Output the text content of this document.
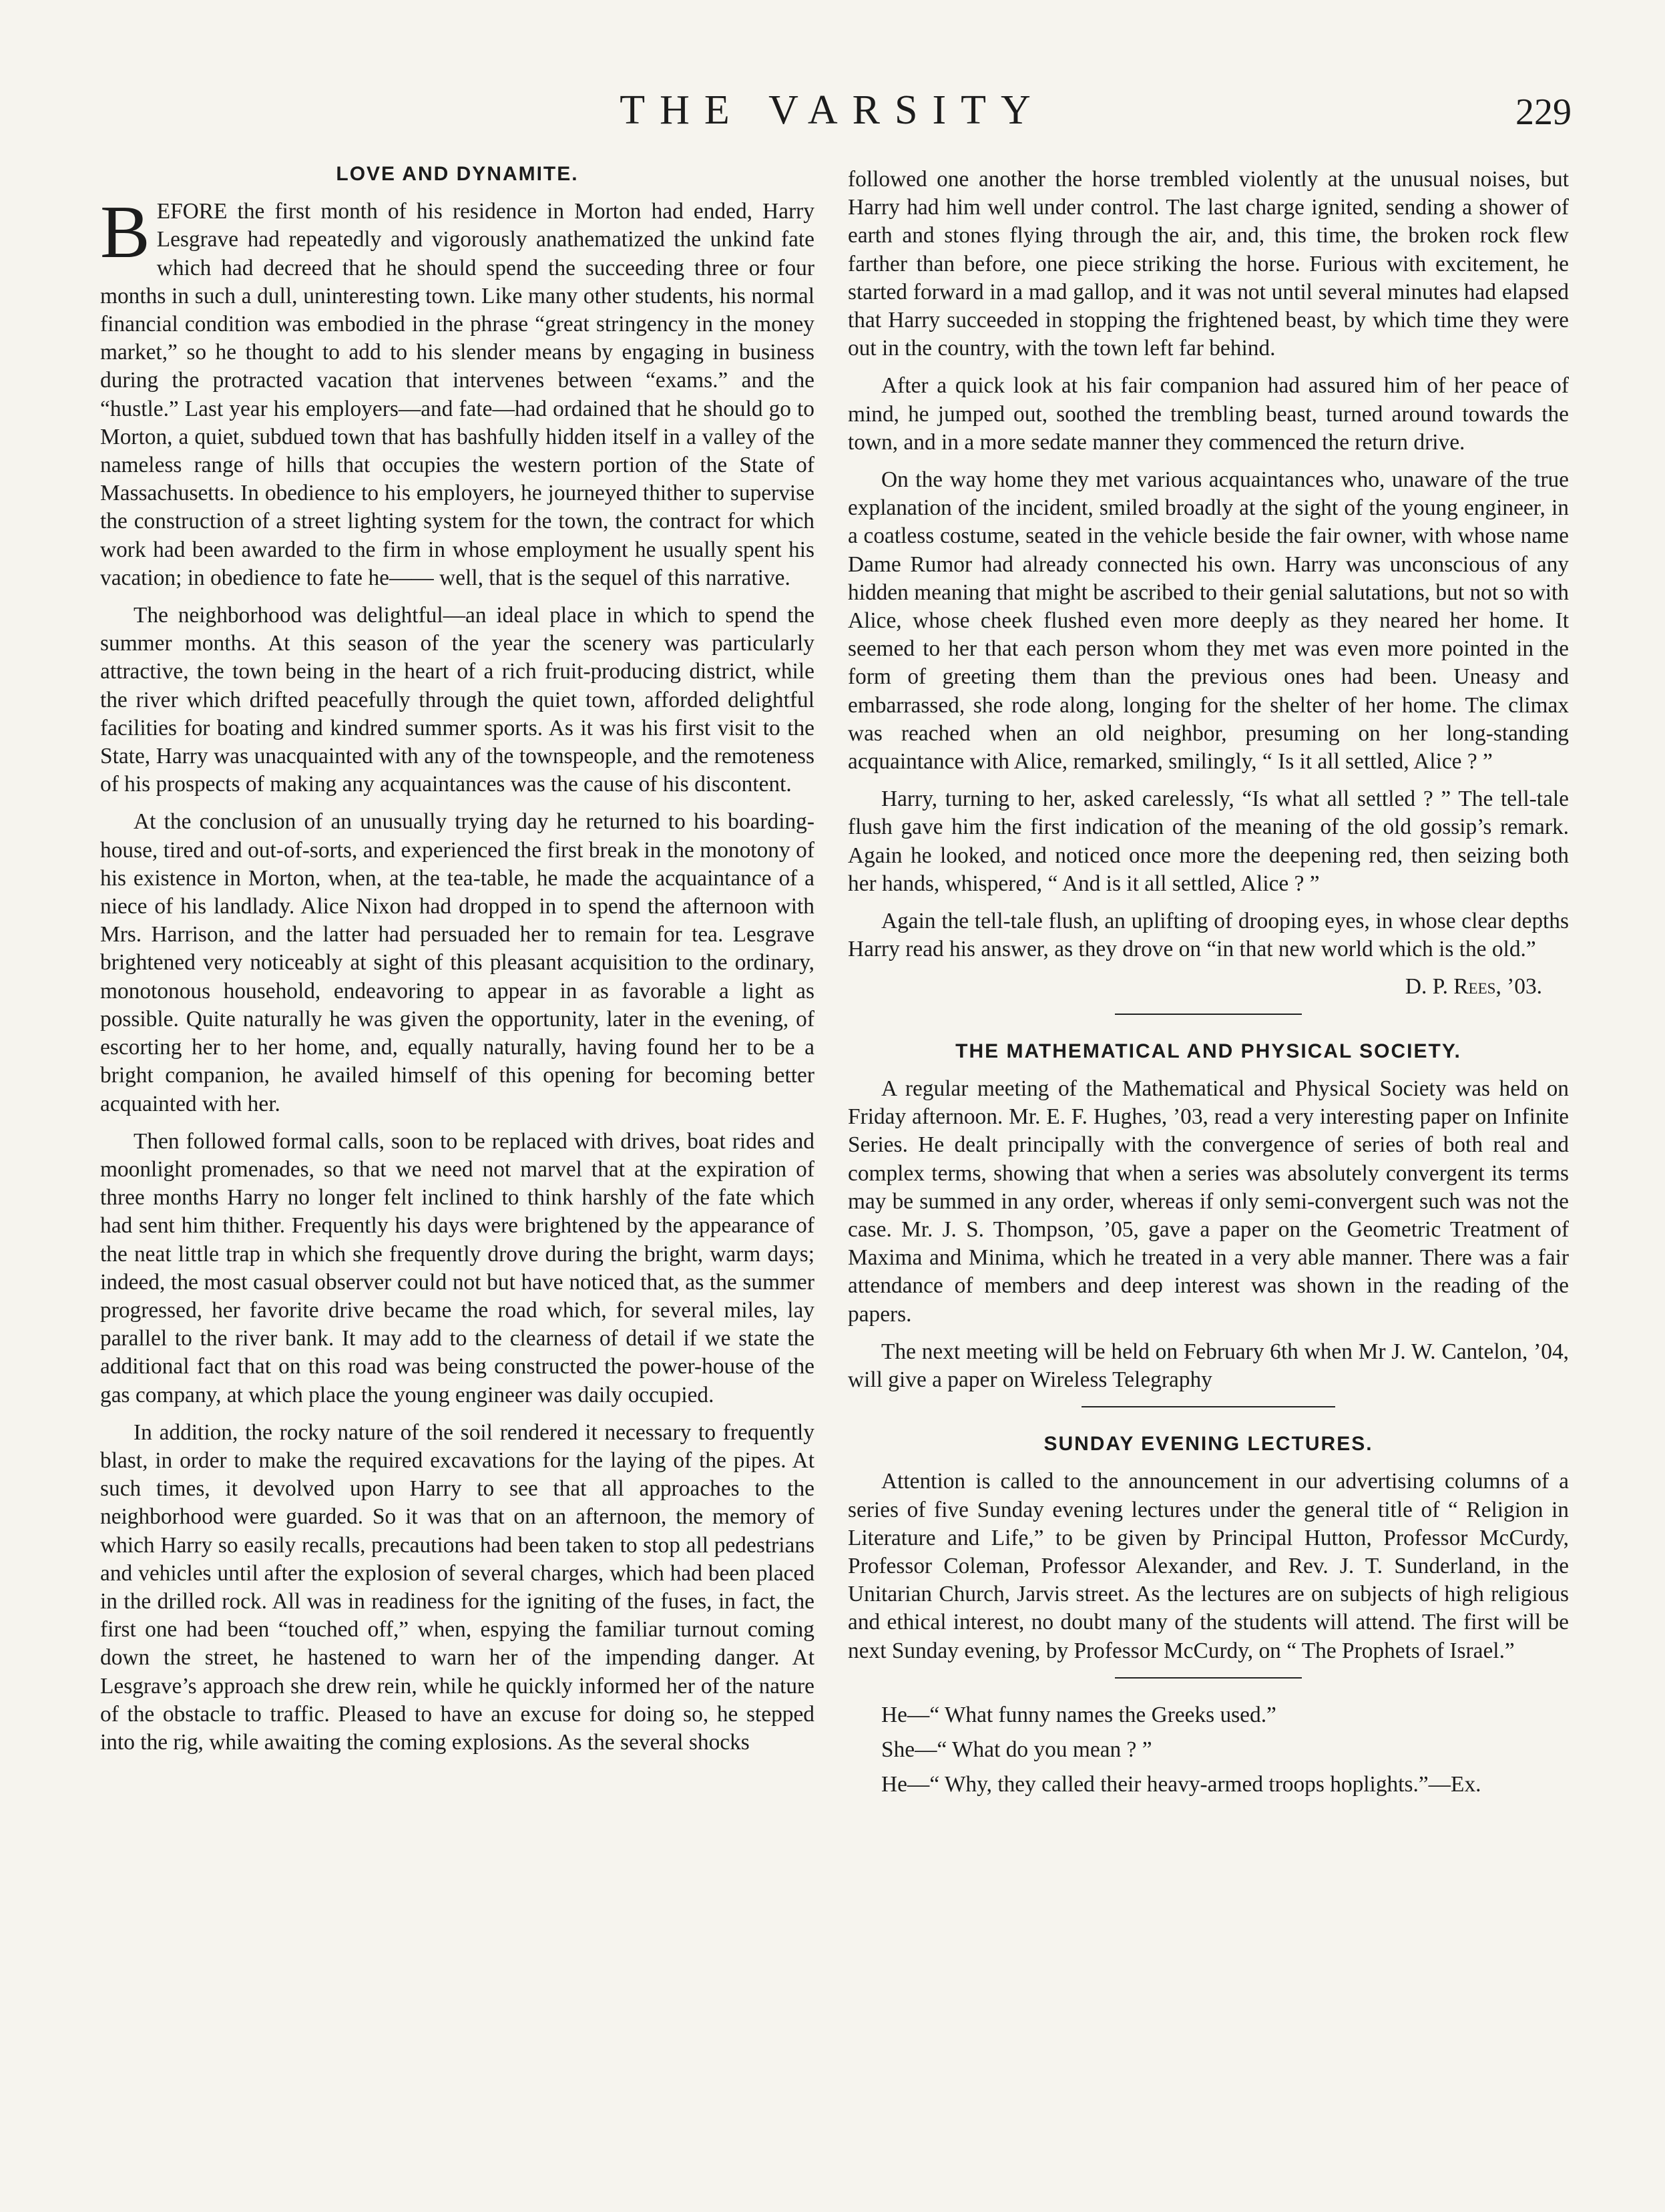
THE VARSITY	229
LOVE AND DYNAMITE.

BEFORE the first month of his residence in Morton had ended, Harry Lesgrave had repeatedly and vigorously anathematized the unkind fate which had decreed that he should spend the succeeding three or four months in such a dull, uninteresting town. Like many other students, his normal financial condition was embodied in the phrase “great stringency in the money market,” so he thought to add to his slender means by engaging in business during the protracted vacation that intervenes between “exams.” and the “hustle.” Last year his employers—and fate—had ordained that he should go to Morton, a quiet, subdued town that has bashfully hidden itself in a valley of the nameless range of hills that occupies the western portion of the State of Massachusetts. In obedience to his employers, he journeyed thither to supervise the construction of a street lighting system for the town, the contract for which work had been awarded to the firm in whose employment he usually spent his vacation; in obedience to fate he—— well, that is the sequel of this narrative.

The neighborhood was delightful—an ideal place in which to spend the summer months. At this season of the year the scenery was particularly attractive, the town being in the heart of a rich fruit-producing district, while the river which drifted peacefully through the quiet town, afforded delightful facilities for boating and kindred summer sports. As it was his first visit to the State, Harry was unacquainted with any of the townspeople, and the remoteness of his prospects of making any acquaintances was the cause of his discontent.

At the conclusion of an unusually trying day he returned to his boarding-house, tired and out-of-sorts, and experienced the first break in the monotony of his existence in Morton, when, at the tea-table, he made the acquaintance of a niece of his landlady. Alice Nixon had dropped in to spend the afternoon with Mrs. Harrison, and the latter had persuaded her to remain for tea. Lesgrave brightened very noticeably at sight of this pleasant acquisition to the ordinary, monotonous household, endeavoring to appear in as favorable a light as possible. Quite naturally he was given the opportunity, later in the evening, of escorting her to her home, and, equally naturally, having found her to be a bright companion, he availed himself of this opening for becoming better acquainted with her.

Then followed formal calls, soon to be replaced with drives, boat rides and moonlight promenades, so that we need not marvel that at the expiration of three months Harry no longer felt inclined to think harshly of the fate which had sent him thither. Frequently his days were brightened by the appearance of the neat little trap in which she frequently drove during the bright, warm days; indeed, the most casual observer could not but have noticed that, as the summer progressed, her favorite drive became the road which, for several miles, lay parallel to the river bank. It may add to the clearness of detail if we state the additional fact that on this road was being constructed the power-house of the gas company, at which place the young engineer was daily occupied.

In addition, the rocky nature of the soil rendered it necessary to frequently blast, in order to make the required excavations for the laying of the pipes. At such times, it devolved upon Harry to see that all approaches to the neighborhood were guarded. So it was that on an afternoon, the memory of which Harry so easily recalls, precautions had been taken to stop all pedestrians and vehicles until after the explosion of several charges, which had been placed in the drilled rock. All was in readiness for the igniting of the fuses, in fact, the first one had been “touched off,” when, espying the familiar turnout coming down the street, he hastened to warn her of the impending danger. At Lesgrave’s approach she drew rein, while he quickly informed her of the nature of the obstacle to traffic. Pleased to have an excuse for doing so, he stepped into the rig, while awaiting the coming explosions. As the several shocks

followed one another the horse trembled violently at the unusual noises, but Harry had him well under control. The last charge ignited, sending a shower of earth and stones flying through the air, and, this time, the broken rock flew farther than before, one piece striking the horse. Furious with excitement, he started forward in a mad gallop, and it was not until several minutes had elapsed that Harry succeeded in stopping the frightened beast, by which time they were out in the country, with the town left far behind.

After a quick look at his fair companion had assured him of her peace of mind, he jumped out, soothed the trembling beast, turned around towards the town, and in a more sedate manner they commenced the return drive.

On the way home they met various acquaintances who, unaware of the true explanation of the incident, smiled broadly at the sight of the young engineer, in a coatless costume, seated in the vehicle beside the fair owner, with whose name Dame Rumor had already connected his own. Harry was unconscious of any hidden meaning that might be ascribed to their genial salutations, but not so with Alice, whose cheek flushed even more deeply as they neared her home. It seemed to her that each person whom they met was even more pointed in the form of greeting them than the previous ones had been. Uneasy and embarrassed, she rode along, longing for the shelter of her home. The climax was reached when an old neighbor, presuming on her long-standing acquaintance with Alice, remarked, smilingly, “ Is it all settled, Alice ? ”

Harry, turning to her, asked carelessly, “Is what all settled ? ” The tell-tale flush gave him the first indication of the meaning of the old gossip’s remark. Again he looked, and noticed once more the deepening red, then seizing both her hands, whispered, “ And is it all settled, Alice ? ”

Again the tell-tale flush, an uplifting of drooping eyes, in whose clear depths Harry read his answer, as they drove on “in that new world which is the old.”

D. P. Rees, ’03.
THE MATHEMATICAL AND PHYSICAL SOCIETY.

A regular meeting of the Mathematical and Physical Society was held on Friday afternoon. Mr. E. F. Hughes, ’03, read a very interesting paper on Infinite Series. He dealt principally with the convergence of series of both real and complex terms, showing that when a series was absolutely convergent its terms may be summed in any order, whereas if only semi-convergent such was not the case. Mr. J. S. Thompson, ’05, gave a paper on the Geometric Treatment of Maxima and Minima, which he treated in a very able manner. There was a fair attendance of members and deep interest was shown in the reading of the papers.

The next meeting will be held on February 6th when Mr J. W. Cantelon, ’04, will give a paper on Wireless Telegraphy

SUNDAY EVENING LECTURES.

Attention is called to the announcement in our advertising columns of a series of five Sunday evening lectures under the general title of “ Religion in Literature and Life,” to be given by Principal Hutton, Professor McCurdy, Professor Coleman, Professor Alexander, and Rev. J. T. Sunderland, in the Unitarian Church, Jarvis street. As the lectures are on subjects of high religious and ethical interest, no doubt many of the students will attend. The first will be next Sunday evening, by Professor McCurdy, on “ The Prophets of Israel.”

He—“ What funny names the Greeks used.”

She—“ What do you mean ? ”

He—“ Why, they called their heavy-armed troops hoplights.”—Ex.
